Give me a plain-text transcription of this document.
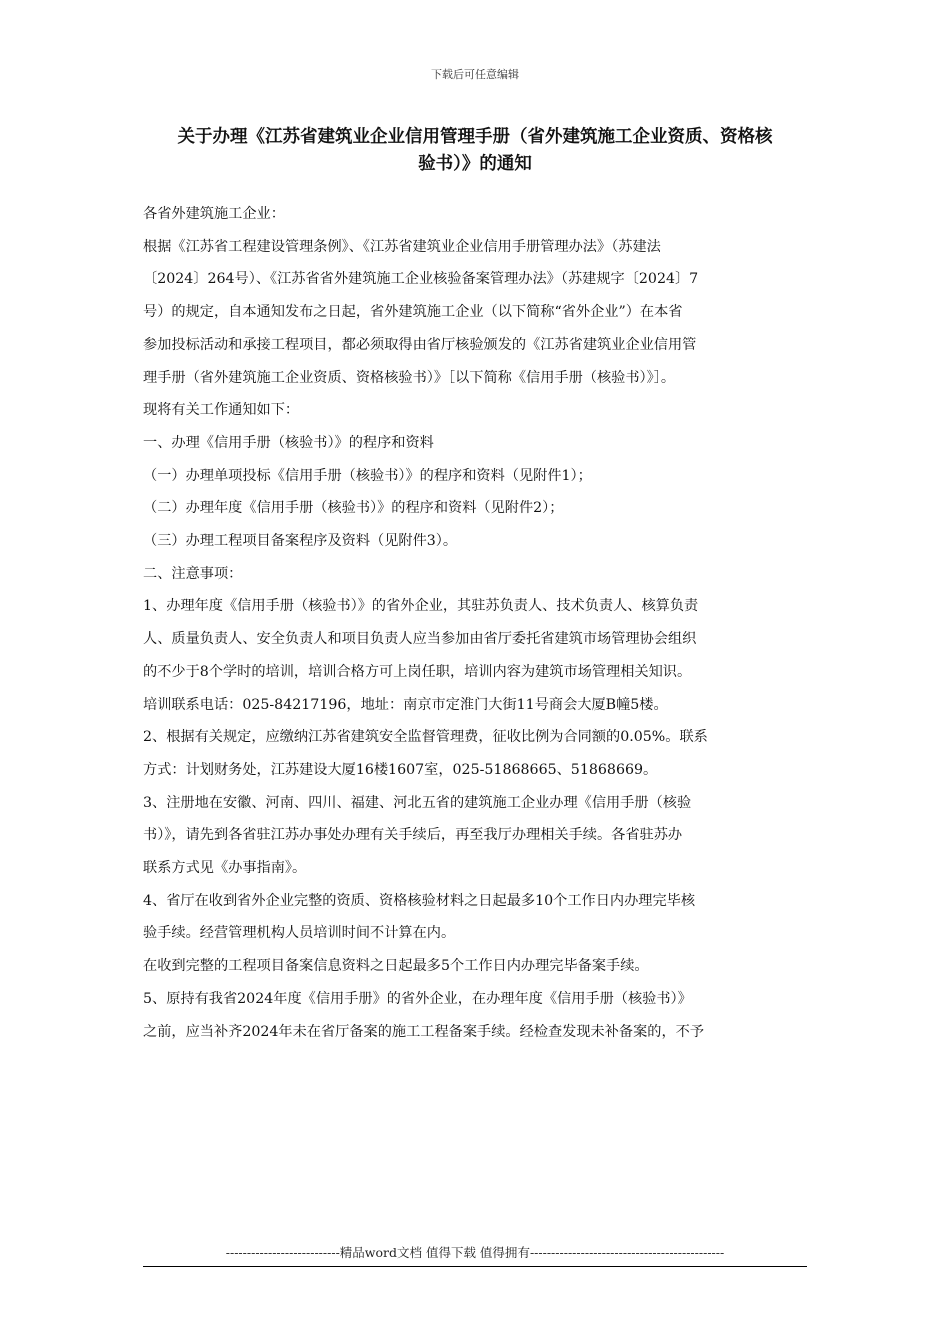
下载后可任意编辑
关于办理《江苏省建筑业企业信用管理手册（省外建筑施工企业资质、资格核
验书）》的通知
各省外建筑施工企业：
根据《江苏省工程建设管理条例》、《江苏省建筑业企业信用手册管理办法》（苏建法
〔2024〕264号）、《江苏省省外建筑施工企业核验备案管理办法》（苏建规字〔2024〕7
号）的规定，自本通知发布之日起，省外建筑施工企业（以下简称“省外企业”）在本省
参加投标活动和承接工程项目，都必须取得由省厅核验颁发的《江苏省建筑业企业信用管
理手册（省外建筑施工企业资质、资格核验书）》［以下简称《信用手册（核验书）》］。
现将有关工作通知如下：
一、办理《信用手册（核验书）》的程序和资料
（一）办理单项投标《信用手册（核验书）》的程序和资料（见附件1）；
（二）办理年度《信用手册（核验书）》的程序和资料（见附件2）；
（三）办理工程项目备案程序及资料（见附件3）。
二、注意事项：
1、办理年度《信用手册（核验书）》的省外企业，其驻苏负责人、技术负责人、核算负责
人、质量负责人、安全负责人和项目负责人应当参加由省厅委托省建筑市场管理协会组织
的不少于8个学时的培训，培训合格方可上岗任职，培训内容为建筑市场管理相关知识。
培训联系电话：025-84217196，地址：南京市定淮门大街11号商会大厦B幢5楼。
2、根据有关规定，应缴纳江苏省建筑安全监督管理费，征收比例为合同额的0.05%。联系
方式：计划财务处，江苏建设大厦16楼1607室，025-51868665、51868669。
3、注册地在安徽、河南、四川、福建、河北五省的建筑施工企业办理《信用手册（核验
书）》，请先到各省驻江苏办事处办理有关手续后，再至我厅办理相关手续。各省驻苏办
联系方式见《办事指南》。
4、省厅在收到省外企业完整的资质、资格核验材料之日起最多10个工作日内办理完毕核
验手续。经营管理机构人员培训时间不计算在内。
在收到完整的工程项目备案信息资料之日起最多5个工作日内办理完毕备案手续。
5、原持有我省2024年度《信用手册》的省外企业，在办理年度《信用手册（核验书）》
之前，应当补齐2024年未在省厅备案的施工工程备案手续。经检查发现未补备案的，不予
---------------------------精品word文档 值得下载 值得拥有----------------------------------------------
